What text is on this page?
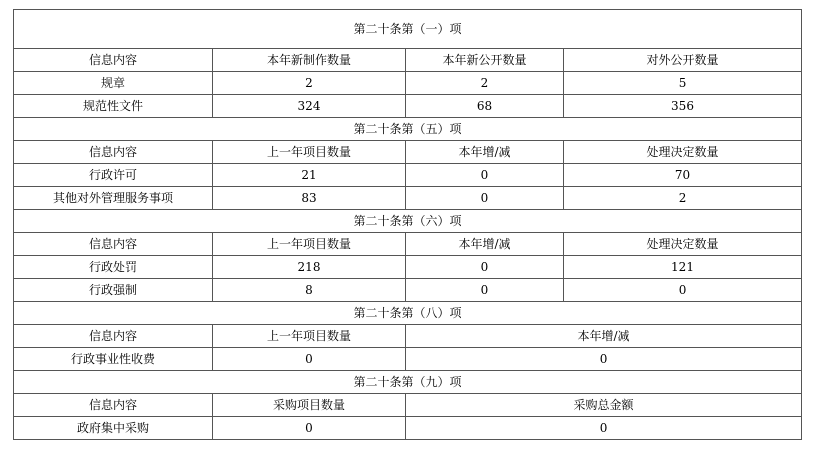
第二十条第（一）项			
信息内容	本年新制作数量	本年新公开数量	对外公开数量
规章	2	2	5
规范性文件	324	68	356
第二十条第（五）项			
信息内容	上一年项目数量	本年增/减	处理决定数量
行政许可	21	0	70
其他对外管理服务事项	83	0	2
第二十条第（六）项			
信息内容	上一年项目数量	本年增/减	处理决定数量
行政处罚	218	0	121
行政强制	8	0	0
第二十条第（八）项			
信息内容	上一年项目数量	本年增/减	
行政事业性收费	0	0	
第二十条第（九）项			
信息内容	采购项目数量	采购总金额	
政府集中采购	0	0	
